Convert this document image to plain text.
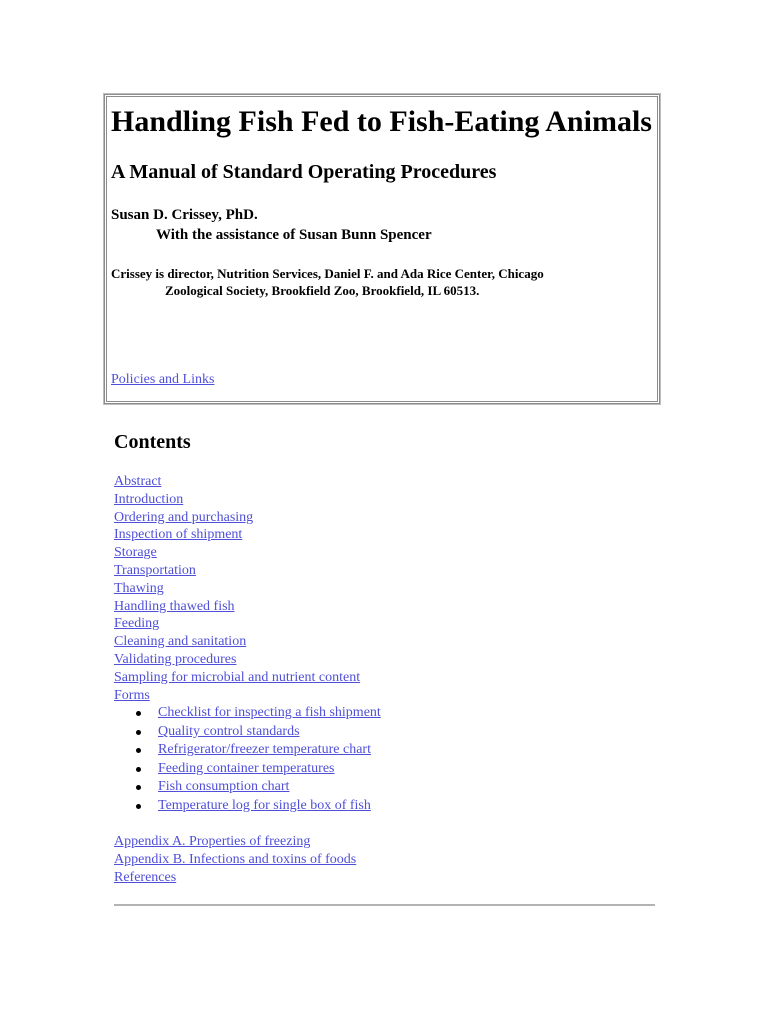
Handling Fish Fed to Fish-Eating Animals
A Manual of Standard Operating Procedures
Susan D. Crissey, PhD.
With the assistance of Susan Bunn Spencer
Crissey is director, Nutrition Services, Daniel F. and Ada Rice Center, Chicago
Zoological Society, Brookfield Zoo, Brookfield, IL 60513.
Policies and Links
Contents
Abstract
Introduction
Ordering and purchasing
Inspection of shipment
Storage
Transportation
Thawing
Handling thawed fish
Feeding
Cleaning and sanitation
Validating procedures
Sampling for microbial and nutrient content
Forms
Checklist for inspecting a fish shipment
Quality control standards
Refrigerator/freezer temperature chart
Feeding container temperatures
Fish consumption chart
Temperature log for single box of fish
Appendix A. Properties of freezing
Appendix B. Infections and toxins of foods
References
